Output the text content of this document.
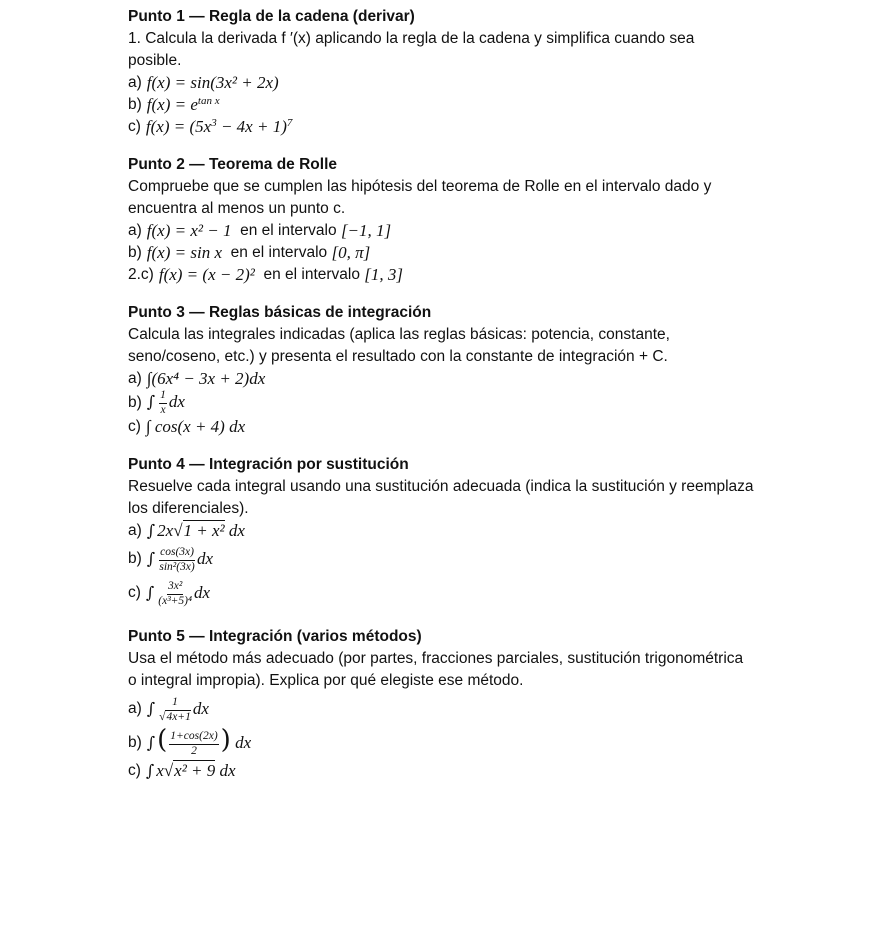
Punto 1 — Regla de la cadena (derivar)
1. Calcula la derivada f ′(x) aplicando la regla de la cadena y simplifica cuando sea
posible.
a) f(x) = sin(3x² + 2x)
b) $f(x) = e^{tan x}$
c) $f(x) = (5x^3 - 4x + 1)^7$
Punto 2 — Teorema de Rolle
Compruebe que se cumplen las hipótesis del teorema de Rolle en el intervalo dado y
encuentra al menos un punto c.
a) f(x) = x² − 1
en el intervalo
[−1, 1]
b) f(x) = sin x
en el intervalo
[0, π]
2.c) f(x) = (x − 2)²
en el intervalo
[1, 3]
Punto 3 — Reglas básicas de integración
Calcula las integrales indicadas (aplica las reglas básicas: potencia, constante,
seno/coseno, etc.) y presenta el resultado con la constante de integración + C.
a) ∫(6x⁴ − 3x + 2)dx
b) ∫ $\frac{1}{x}$ dx
c) ∫ cos(x + 4) dx
Punto 4 — Integración por sustitución
Resuelve cada integral usando una sustitución adecuada (indica la sustitución y reemplaza
los diferenciales).
a) ∫ 2x√1 + x² dx
b) ∫ $\frac{\cos(3x)}{\text{sin²(3x)}}$ dx
c) ∫ $\frac{\text{3x²}}{\text{(x³+5)⁴}}$ dx
Punto 5 — Integración (varios métodos)
Usa el método más adecuado (por partes, fracciones parciales, sustitución trigonométrica
o integral impropia). Explica por qué elegiste ese método.
a) ∫ $\frac{1}{√4x+1}$ dx
b) ∫( $\frac{1+\cos(2x)}{2}$ ) dx
c) ∫ x√x² + 9 dx
